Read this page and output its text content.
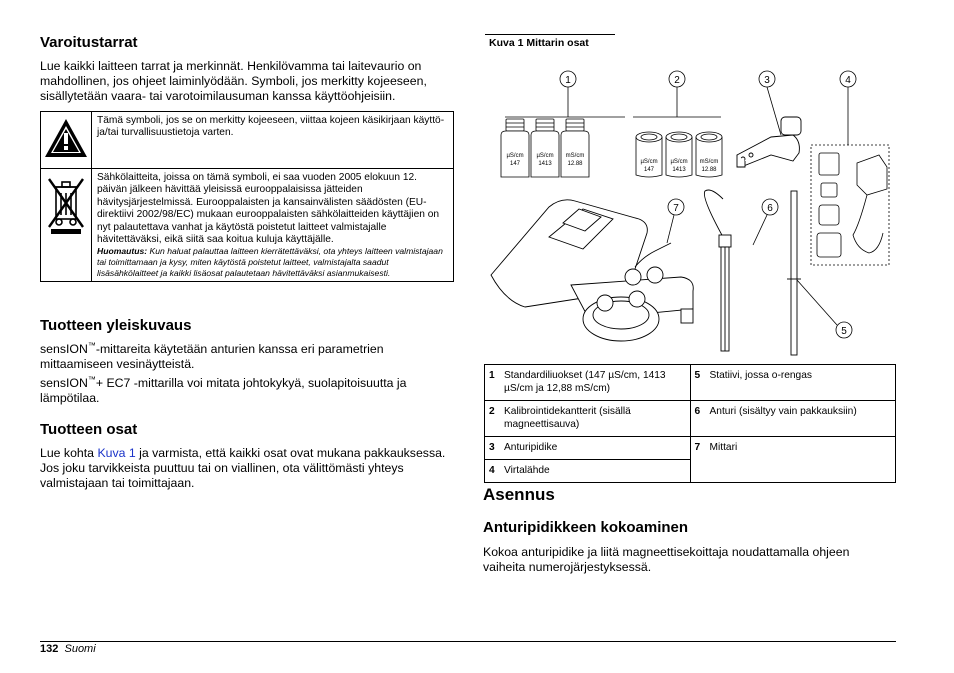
Varoitustarrat

Lue kaikki laitteen tarrat ja merkinnät. Henkilövamma tai laitevaurio on mahdollinen, jos ohjeet laiminlyödään. Symboli, jos merkitty kojeeseen, sisällytetään vaara- tai varotoimilausuman kanssa käyttöohjeisiin.

	Tämä symboli, jos se on merkitty kojeeseen, viittaa kojeen käsikirjaan käyttö- ja/tai turvallisuustietoja varten.
	Sähkölaitteita, joissa on tämä symboli, ei saa vuoden 2005 elokuun 12. päivän jälkeen hävittää yleisissä eurooppalaisissa jätteiden hävitysjärjestelmissä. Eurooppalaisten ja kansainvälisten säädösten (EU-direktiivi 2002/98/EC) mukaan eurooppalaisten sähkölaitteiden käyttäjien on nyt palautettava vanhat ja käytöstä poistetut laitteet valmistajalle hävitettäväksi, eikä siitä saa koitua kuluja käyttäjälle.
Huomautus: Kun haluat palauttaa laitteen kierrätettäväksi, ota yhteys laitteen valmistajaan tai toimittamaan ja kysy, miten käytöstä poistetut laitteet, valmistajalta saadut lisäsähkölaitteet ja kaikki lisäosat palautetaan hävitettäväksi asianmukaisesti.
Tuotteen yleiskuvaus

sensION™-mittareita käytetään anturien kanssa eri parametrien mittaamiseen vesinäytteistä.

sensION™+ EC7 -mittarilla voi mitata johtokykyä, suolapitoisuutta ja lämpötilaa.

Tuotteen osat

Lue kohta Kuva 1 ja varmista, että kaikki osat ovat mukana pakkauksessa. Jos joku tarvikkeista puuttuu tai on viallinen, ota välittömästi yhteys valmistajaan tai toimittajaan.

Kuva 1 Mittarin osat
µS/cm
147
µS/cm
1413
mS/cm
12.88	µS/cm
147
µS/cm
1413
mS/cm
12.88
1	2	3	4
5
6
7
1 Standardiliuokset (147 µS/cm, 1413 µS/cm ja 12,88 mS/cm)	5 Statiivi, jossa o-rengas
2 Kalibrointidekantterit (sisällä magneettisauva)	6 Anturi (sisältyy vain pakkauksiin)
3 Anturipidike	7 Mittari
4 Virtalähde	
Asennus
Anturipidikkeen kokoaminen

Kokoa anturipidike ja liitä magneettisekoittaja noudattamalla ohjeen vaiheita numerojärjestyksessä.

132 Suomi
